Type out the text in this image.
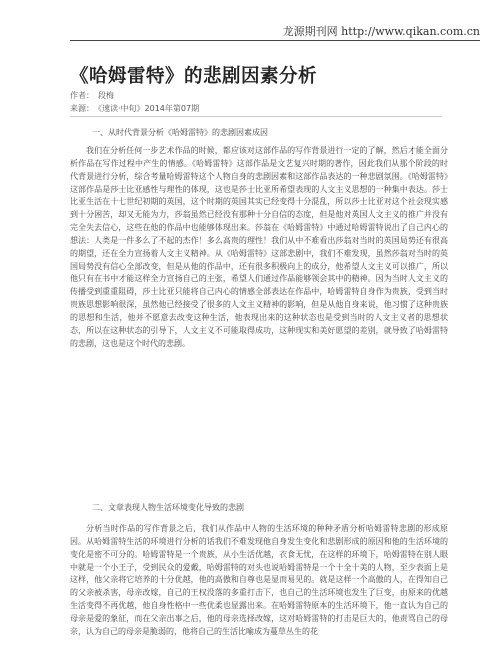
龙源期刊网 http://www.qikan.com.cn
《哈姆雷特》的悲剧因素分析
作者： 段梅
来源： 《速读·中旬》2014年第07期
一、从时代背景分析《哈姆雷特》的悲剧因素成因

我们在分析任何一步艺术作品的时候，都应该对这部作品的写作背景进行一定的了解，然后才能全面分析作品在写作过程中产生的情感。《哈姆雷特》这部作品是文艺复兴时期的著作，因此我们从那个阶段的时代背景进行分析，综合考量哈姆雷特这个人物自身的悲剧因素和这部作品表达的一种悲剧氛围。《哈姆雷特》这部作品是莎士比亚感性与理性的体现，这也是莎士比亚所希望表现的人文主义思想的一种集中表达。莎士比亚生活在十七世纪初期的英国，这个时期的英国其实已经变得十分混乱，所以莎士比亚对这个社会现实感到十分困苦，却又无能为力，莎翁虽然已经没有那种十分自信的态度，但是他对英国人文主义的推广并没有完全失去信心，这些在他的作品中也能够体现出来。莎翁在《哈姆雷特》中通过哈姆雷特说出了自己内心的想法：人类是一件多么了不起的杰作！多么高贵的理性！我们从中不难看出莎翁对当时的英国局势还有很高的期望，还在全力宣扬着人文主义精神。从《哈姆雷特》这部悲剧中，我们不难发现，虽然莎翁对当时的英国局势没有信心全部改变，但是从他的作品中，还有很多积极向上的成分，他希望人文主义可以推广，所以他只有在书中才能这样全力宣扬自己的主张，希望人们通过作品能够领会其中的精神。因为当时人文主义的传播受到重重阻碍，莎士比亚只能将自己内心的情感全部表达在作品中，哈姆雷特自身作为贵族，受到当时贵族思想影响很深，虽然他已经接受了很多的人文主义精神的影响，但是从他自身来说，他习惯了这种贵族的思想和生活，他并不愿意去改变这种生活，他表现出来的这种状态也是受到当时的人文主义者的思想状态，所以在这种状态的引导下，人文主义不可能取得成功，这种现实和美好愿望的差别，就导致了哈姆雷特的悲剧，这也是这个时代的悲剧。

二、文章表现人物生活环境变化导致的悲剧

分析当时作品的写作背景之后，我们从作品中人物的生活环境的种种矛盾分析哈姆雷特悲剧的形成原因。从哈姆雷特生活的环境进行分析的话我们不难发现他自身发生变化和悲剧形成的原因和他的生活环境的变化是密不可分的。哈姆雷特是一个贵族，从小生活优越，衣食无忧，在这样的环境下，哈姆雷特在别人眼中就是一个小王子，受到民众的爱戴，哈姆雷特的对头也说哈姆雷特是一个十全十美的人物，至少表面上是这样，他父亲将它培养的十分优越，他的高傲和自尊也是显而易见的。就是这样一个高傲的人，在得知自己的父亲被杀害，母亲改嫁，自己的王权没落的多重打击下，也自己的生活环境也发生了巨变，由原来的优越生活变得不再优越，他自身性格中一些优柔也显露出来。在哈姆雷特原本的生活环境下，他一直认为自己的母亲是爱的象征，而在父亲出事之后，他的母亲选择改嫁，这对哈姆雷特的打击是巨大的，他责骂自己的母亲，认为自己的母亲是脆弱的，他将自己的生活比喻成为蔓草丛生的花
